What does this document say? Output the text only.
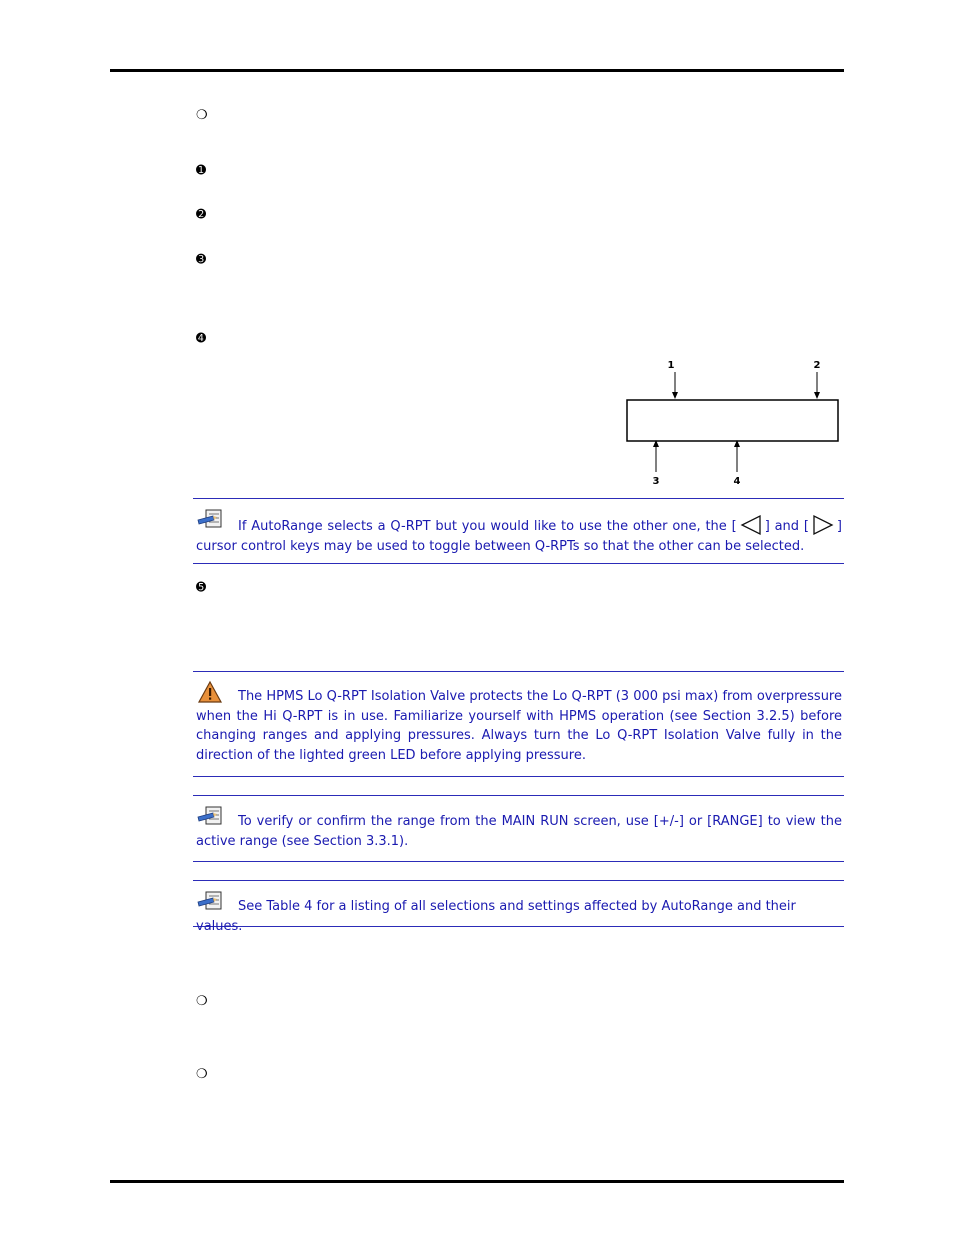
❍
➊
➋
➌
➍
1	2
3	4
If AutoRange selects a Q-RPT but you would like to use the other one, the [ ] and [ ] cursor control keys may be used to toggle between Q-RPTs so that the other can be selected.
➎
The HPMS Lo Q-RPT Isolation Valve protects the Lo Q-RPT (3 000 psi max) from overpressure when the Hi Q-RPT is in use. Familiarize yourself with HPMS operation (see Section 3.2.5) before changing ranges and applying pressures. Always turn the Lo Q-RPT Isolation Valve fully in the direction of the lighted green LED before applying pressure.
To verify or confirm the range from the MAIN RUN screen, use [+/-] or [RANGE] to view the active range (see Section 3.3.1).
See Table 4 for a listing of all selections and settings affected by AutoRange and their values.
❍
❍
